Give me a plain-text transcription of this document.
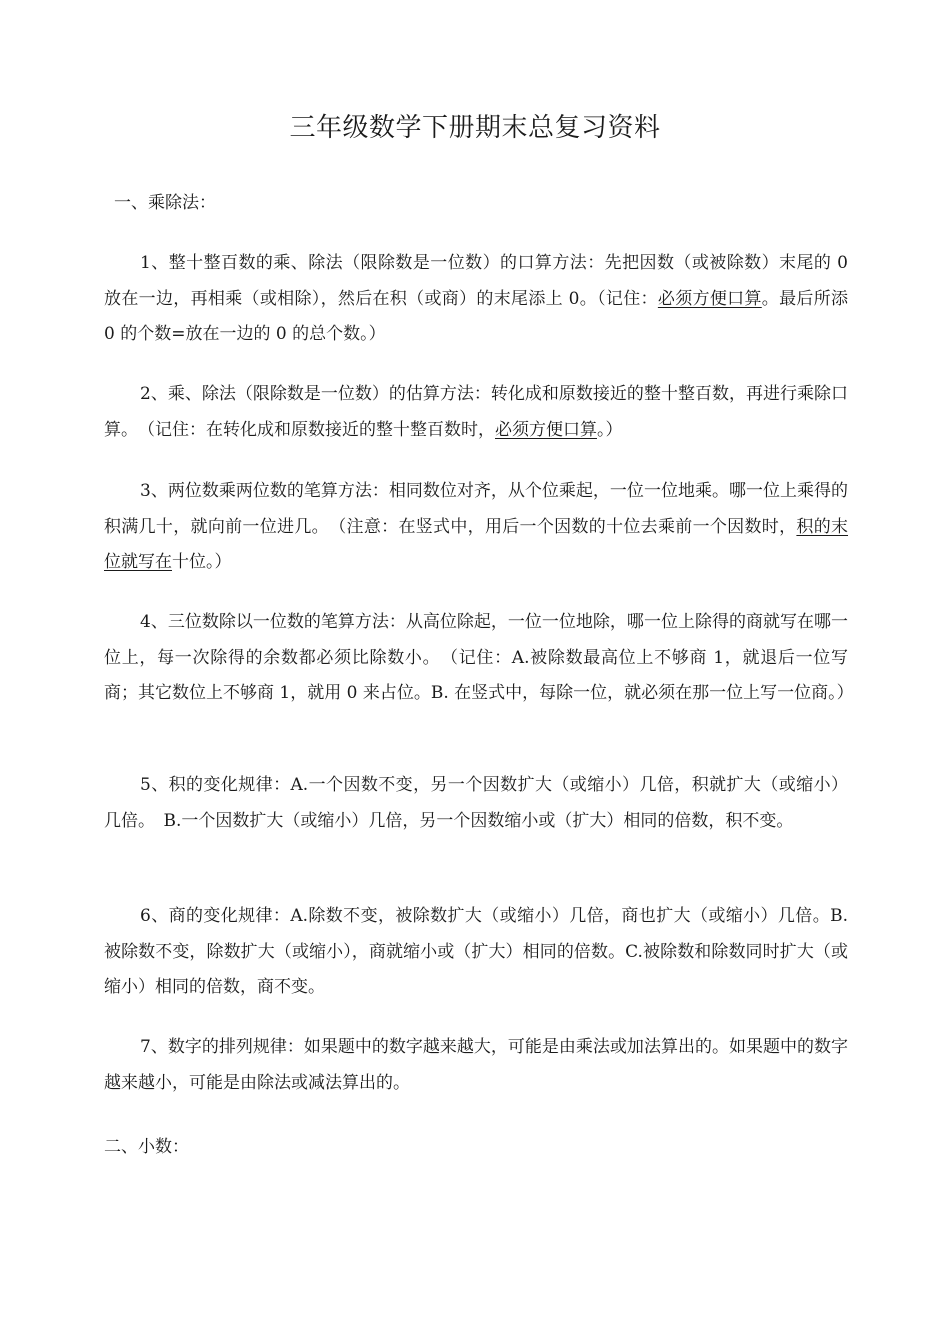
三年级数学下册期末总复习资料
一、乘除法：

1、整十整百数的乘、除法（限除数是一位数）的口算方法：先把因数（或被除数）末尾的 0 放在一边，再相乘（或相除），然后在积（或商）的末尾添上 0。（记住：必须方便口算。最后所添 0 的个数=放在一边的 0 的总个数。）

2、乘、除法（限除数是一位数）的估算方法：转化成和原数接近的整十整百数，再进行乘除口算。　（记住：在转化成和原数接近的整十整百数时，必须方便口算。）

3、两位数乘两位数的笔算方法：相同数位对齐，从个位乘起，一位一位地乘。哪一位上乘得的积满几十，就向前一位进几。　（注意：在竖式中，用后一个因数的十位去乘前一个因数时，积的末位就写在十位。）

4、三位数除以一位数的笔算方法：从高位除起，一位一位地除，哪一位上除得的商就写在哪一位上，每一次除得的余数都必须比除数小。　（记住：A.被除数最高位上不够商 1，就退后一位写商；其它数位上不够商 1，就用 0 来占位。B. 在竖式中，每除一位，就必须在那一位上写一位商。）

5、积的变化规律：A.一个因数不变，另一个因数扩大（或缩小）几倍，积就扩大（或缩小）几倍。　B.一个因数扩大（或缩小）几倍，另一个因数缩小或（扩大）相同的倍数，积不变。

6、商的变化规律：A.除数不变，被除数扩大（或缩小）几倍，商也扩大（或缩小）几倍。B.被除数不变，除数扩大（或缩小），商就缩小或（扩大）相同的倍数。C.被除数和除数同时扩大（或缩小）相同的倍数，商不变。

7、数字的排列规律：如果题中的数字越来越大，可能是由乘法或加法算出的。如果题中的数字越来越小，可能是由除法或减法算出的。

二、小数：
